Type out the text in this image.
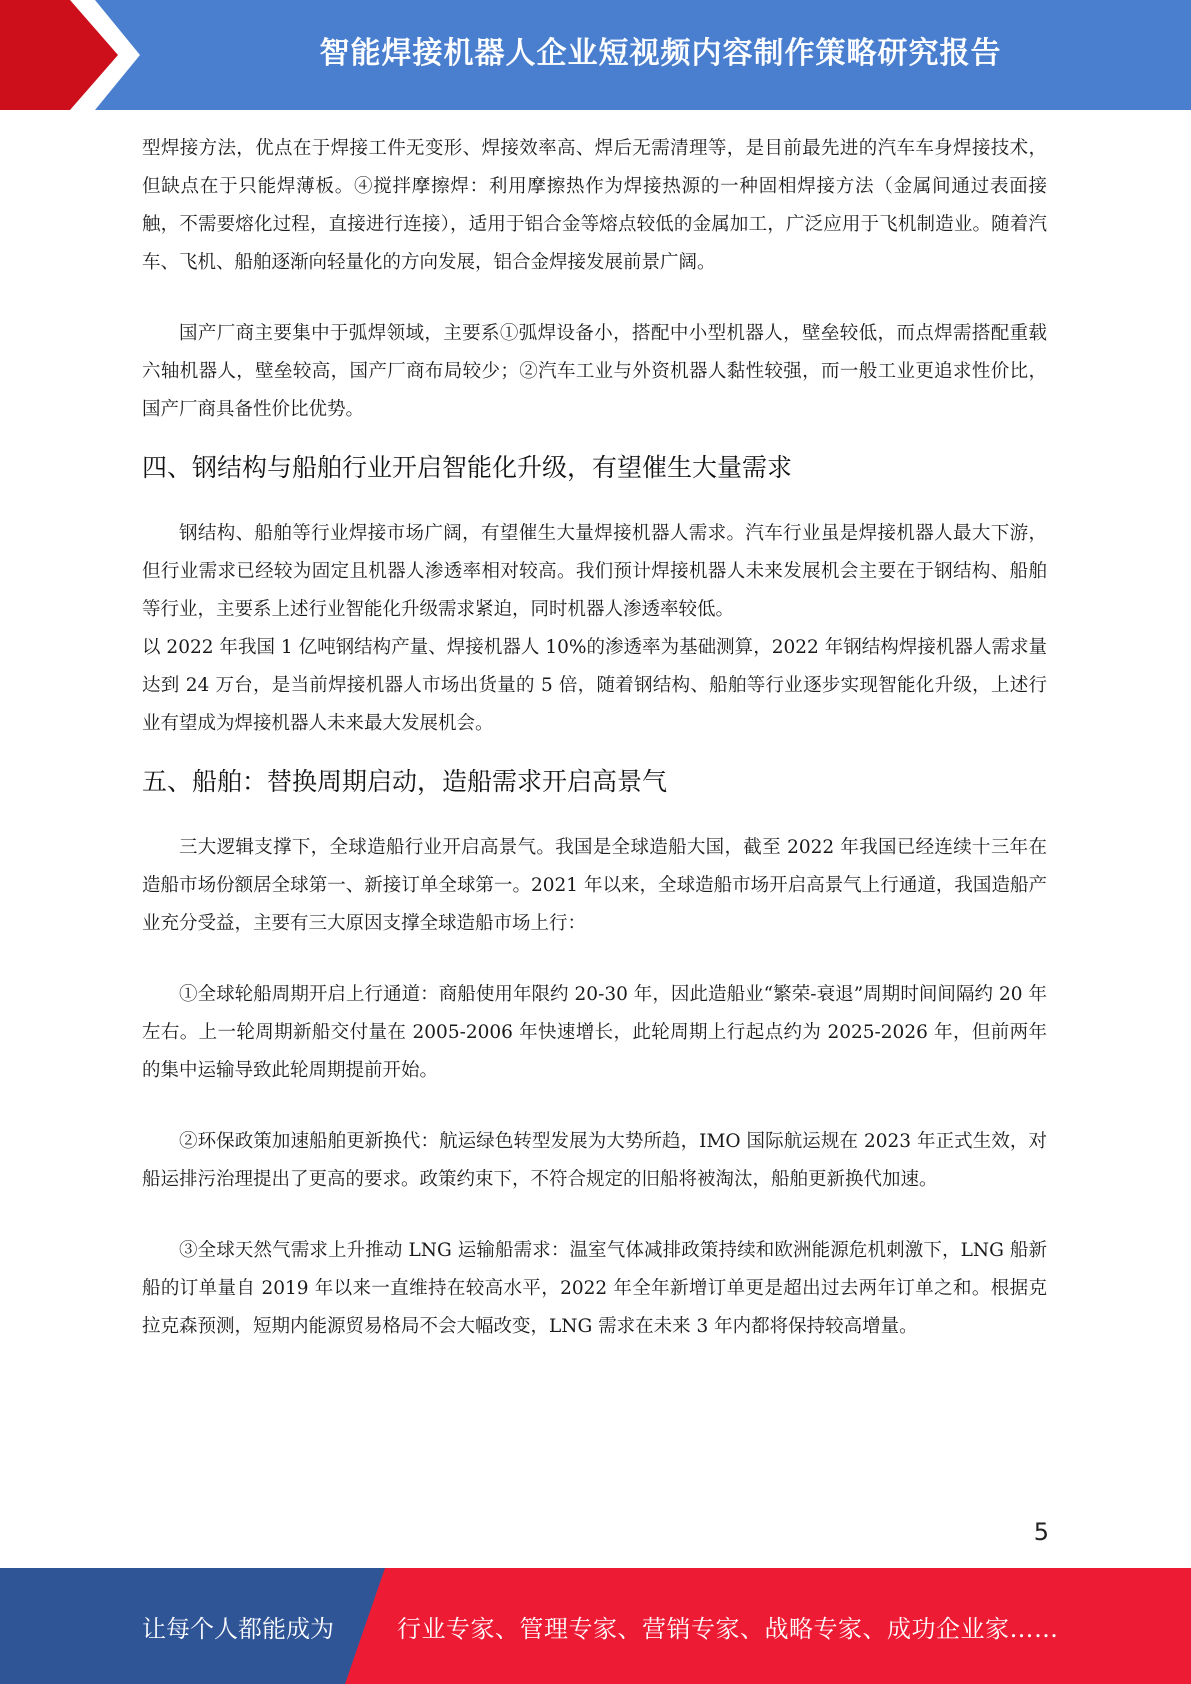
智能焊接机器人企业短视频内容制作策略研究报告

型焊接方法，优点在于焊接工件无变形、焊接效率高、焊后无需清理等，是目前最先进的汽车车身焊接技术，但缺点在于只能焊薄板。④搅拌摩擦焊：利用摩擦热作为焊接热源的一种固相焊接方法（金属间通过表面接触，不需要熔化过程，直接进行连接），适用于铝合金等熔点较低的金属加工，广泛应用于飞机制造业。随着汽车、飞机、船舶逐渐向轻量化的方向发展，铝合金焊接发展前景广阔。

国产厂商主要集中于弧焊领域，主要系①弧焊设备小，搭配中小型机器人，壁垒较低，而点焊需搭配重载六轴机器人，壁垒较高，国产厂商布局较少；②汽车工业与外资机器人黏性较强，而一般工业更追求性价比，国产厂商具备性价比优势。

四、钢结构与船舶行业开启智能化升级，有望催生大量需求

钢结构、船舶等行业焊接市场广阔，有望催生大量焊接机器人需求。汽车行业虽是焊接机器人最大下游，但行业需求已经较为固定且机器人渗透率相对较高。我们预计焊接机器人未来发展机会主要在于钢结构、船舶等行业，主要系上述行业智能化升级需求紧迫，同时机器人渗透率较低。

以 2022 年我国 1 亿吨钢结构产量、焊接机器人 10%的渗透率为基础测算，2022 年钢结构焊接机器人需求量达到 24 万台，是当前焊接机器人市场出货量的 5 倍，随着钢结构、船舶等行业逐步实现智能化升级，上述行业有望成为焊接机器人未来最大发展机会。

五、船舶：替换周期启动，造船需求开启高景气

三大逻辑支撑下，全球造船行业开启高景气。我国是全球造船大国，截至 2022 年我国已经连续十三年在造船市场份额居全球第一、新接订单全球第一。2021 年以来，全球造船市场开启高景气上行通道，我国造船产业充分受益，主要有三大原因支撑全球造船市场上行：

①全球轮船周期开启上行通道：商船使用年限约 20-30 年，因此造船业“繁荣-衰退”周期时间间隔约 20 年左右。上一轮周期新船交付量在 2005-2006 年快速增长，此轮周期上行起点约为 2025-2026 年，但前两年的集中运输导致此轮周期提前开始。

②环保政策加速船舶更新换代：航运绿色转型发展为大势所趋，IMO 国际航运规在 2023 年正式生效，对船运排污治理提出了更高的要求。政策约束下，不符合规定的旧船将被淘汰，船舶更新换代加速。

③全球天然气需求上升推动 LNG 运输船需求：温室气体减排政策持续和欧洲能源危机刺激下，LNG 船新船的订单量自 2019 年以来一直维持在较高水平，2022 年全年新增订单更是超出过去两年订单之和。根据克拉克森预测，短期内能源贸易格局不会大幅改变，LNG 需求在未来 3 年内都将保持较高增量。

5
让每个人都能成为	行业专家、管理专家、营销专家、战略专家、成功企业家……
